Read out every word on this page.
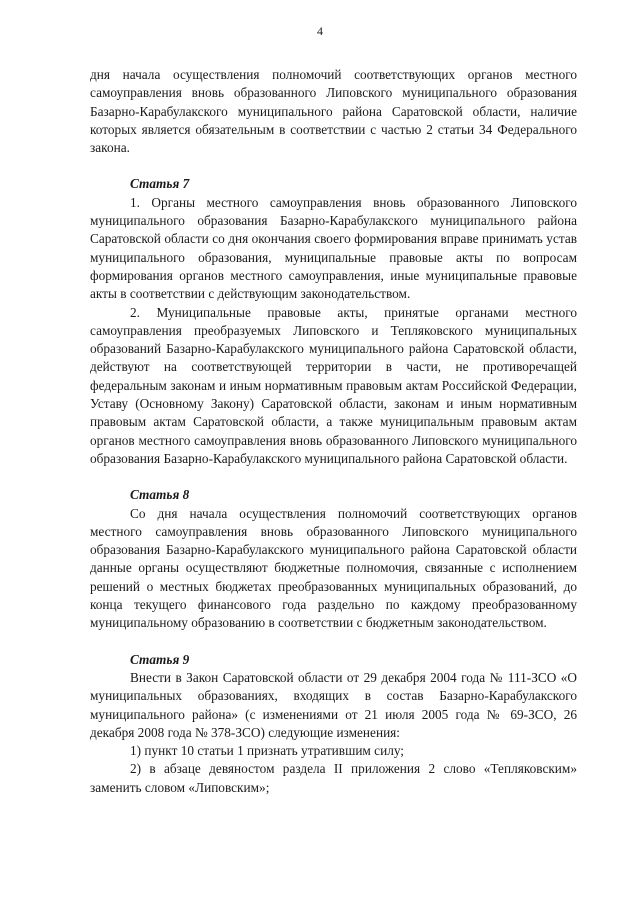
4

дня начала осуществления полномочий соответствующих органов местного самоуправления вновь образованного Липовского муниципального образования Базарно-Карабулакского муниципального района Саратовской области, наличие которых является обязательным в соответствии с частью 2 статьи 34 Федерального закона.

Статья 7

1. Органы местного самоуправления вновь образованного Липовского муниципального образования Базарно-Карабулакского муниципального района Саратовской области со дня окончания своего формирования вправе принимать устав муниципального образования, муниципальные правовые акты по вопросам формирования органов местного самоуправления, иные муниципальные правовые акты в соответствии с действующим законодательством.

2. Муниципальные правовые акты, принятые органами местного самоуправления преобразуемых Липовского и Тепляковского муниципальных образований Базарно-Карабулакского муниципального района Саратовской области, действуют на соответствующей территории в части, не противоречащей федеральным законам и иным нормативным правовым актам Российской Федерации, Уставу (Основному Закону) Саратовской области, законам и иным нормативным правовым актам Саратовской области, а также муниципальным правовым актам органов местного самоуправления вновь образованного Липовского муниципального образования Базарно-Карабулакского муниципального района Саратовской области.

Статья 8

Со дня начала осуществления полномочий соответствующих органов местного самоуправления вновь образованного Липовского муниципального образования Базарно-Карабулакского муниципального района Саратовской области данные органы осуществляют бюджетные полномочия, связанные с исполнением решений о местных бюджетах преобразованных муниципальных образований, до конца текущего финансового года раздельно по каждому преобразованному муниципальному образованию в соответствии с бюджетным законодательством.

Статья 9

Внести в Закон Саратовской области от 29 декабря 2004 года № 111-ЗСО «О муниципальных образованиях, входящих в состав Базарно-Карабулакского муниципального района» (с изменениями от 21 июля 2005 года № 69-ЗСО, 26 декабря 2008 года № 378-ЗСО) следующие изменения:

1) пункт 10 статьи 1 признать утратившим силу;

2) в абзаце девяностом раздела II приложения 2 слово «Тепляковским» заменить словом «Липовским»;
